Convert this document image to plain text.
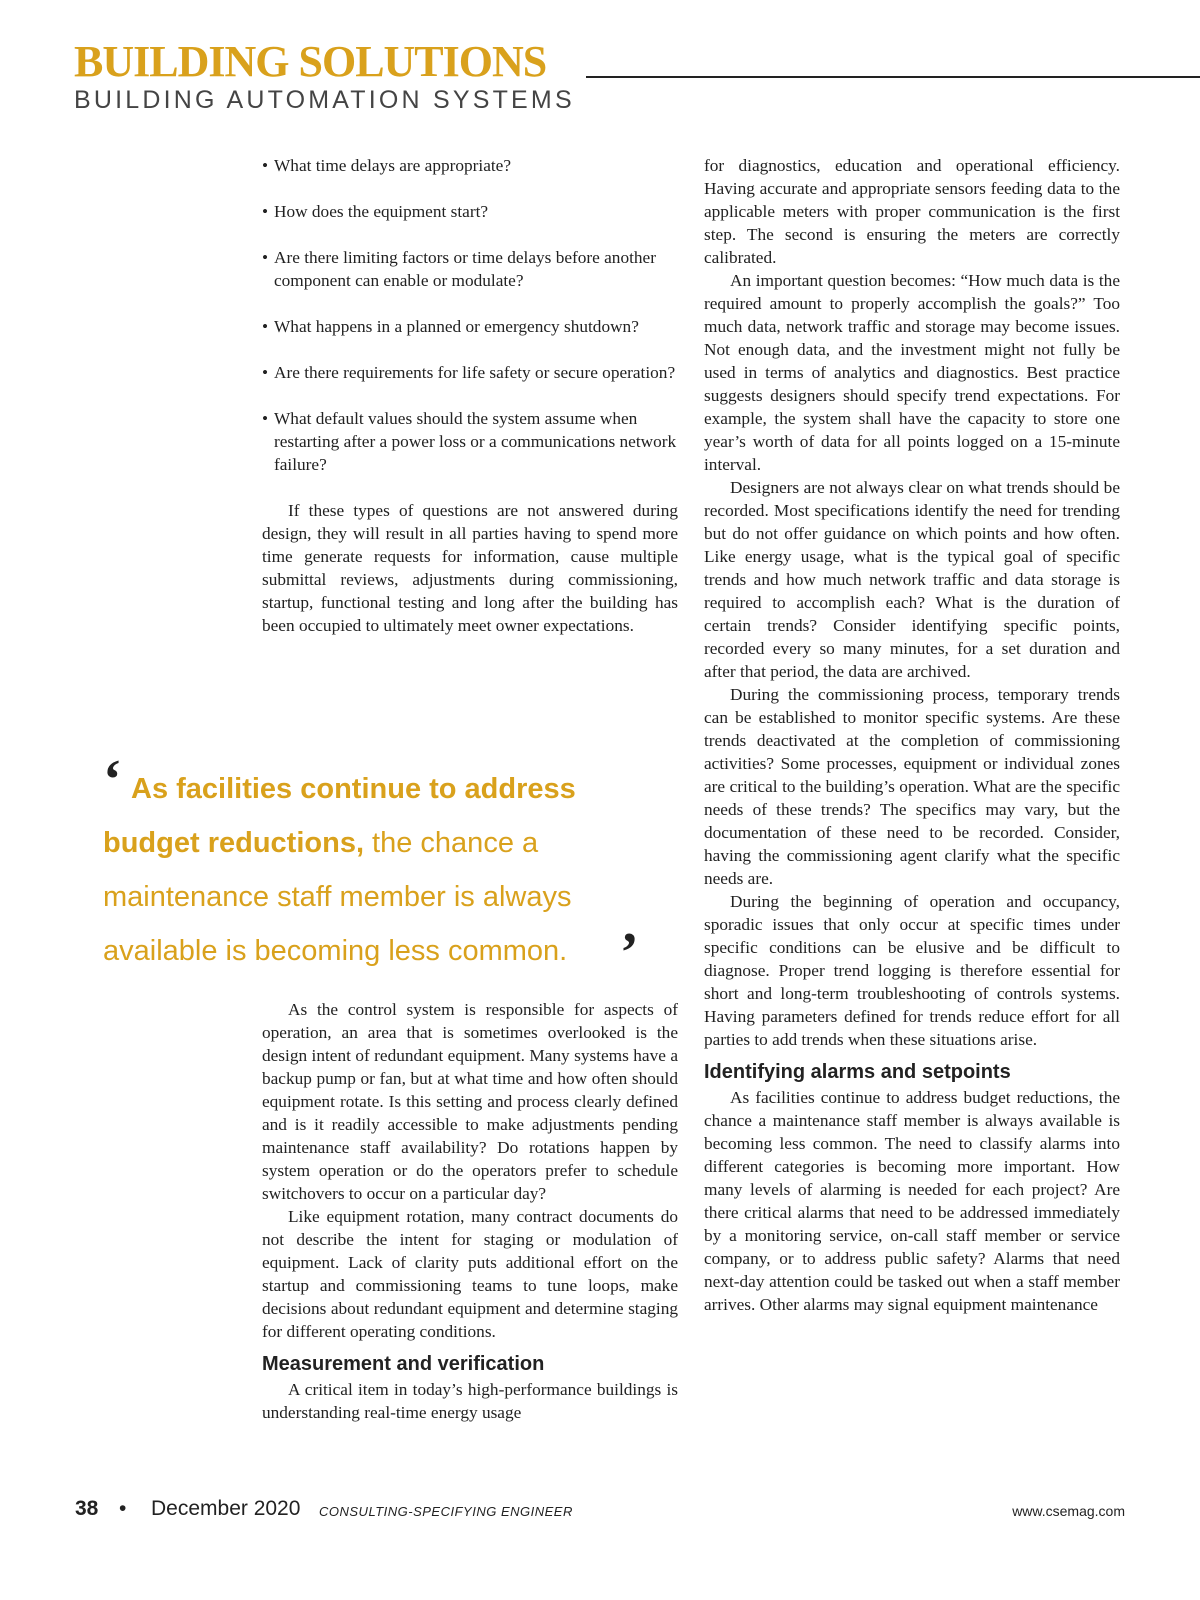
BUILDING SOLUTIONS
BUILDING AUTOMATION SYSTEMS
• What time delays are appropriate?
• How does the equipment start?
• Are there limiting factors or time delays before another component can enable or modulate?
• What happens in a planned or emergency shutdown?
• Are there requirements for life safety or secure operation?
• What default values should the system assume when restarting after a power loss or a communications network failure?

If these types of questions are not answered during design, they will result in all parties having to spend more time generate requests for information, cause multiple submittal reviews, adjustments during commissioning, startup, functional testing and long after the building has been occupied to ultimately meet owner expectations.

‘ As facilities continue to address budget reductions, the chance a maintenance staff member is always available is becoming less common. ’

As the control system is responsible for aspects of operation, an area that is sometimes overlooked is the design intent of redundant equipment. Many systems have a backup pump or fan, but at what time and how often should equipment rotate. Is this setting and process clearly defined and is it readily accessible to make adjustments pending maintenance staff availability? Do rotations happen by system operation or do the operators prefer to schedule switchovers to occur on a particular day?

Like equipment rotation, many contract documents do not describe the intent for staging or modulation of equipment. Lack of clarity puts additional effort on the startup and commissioning teams to tune loops, make decisions about redundant equipment and determine staging for different operating conditions.

Measurement and verification

A critical item in today’s high-performance buildings is understanding real-time energy usage

for diagnostics, education and operational efficiency. Having accurate and appropriate sensors feeding data to the applicable meters with proper communication is the first step. The second is ensuring the meters are correctly calibrated.

An important question becomes: “How much data is the required amount to properly accomplish the goals?” Too much data, network traffic and storage may become issues. Not enough data, and the investment might not fully be used in terms of analytics and diagnostics. Best practice suggests designers should specify trend expectations. For example, the system shall have the capacity to store one year’s worth of data for all points logged on a 15-minute interval.

Designers are not always clear on what trends should be recorded. Most specifications identify the need for trending but do not offer guidance on which points and how often. Like energy usage, what is the typical goal of specific trends and how much network traffic and data storage is required to accomplish each? What is the duration of certain trends? Consider identifying specific points, recorded every so many minutes, for a set duration and after that period, the data are archived.

During the commissioning process, temporary trends can be established to monitor specific systems. Are these trends deactivated at the completion of commissioning activities? Some processes, equipment or individual zones are critical to the building’s operation. What are the specific needs of these trends? The specifics may vary, but the documentation of these need to be recorded. Consider, having the commissioning agent clarify what the specific needs are.

During the beginning of operation and occupancy, sporadic issues that only occur at specific times under specific conditions can be elusive and be difficult to diagnose. Proper trend logging is therefore essential for short and long-term troubleshooting of controls systems. Having parameters defined for trends reduce effort for all parties to add trends when these situations arise.

Identifying alarms and setpoints

As facilities continue to address budget reductions, the chance a maintenance staff member is always available is becoming less common. The need to classify alarms into different categories is becoming more important. How many levels of alarming is needed for each project? Are there critical alarms that need to be addressed immediately by a monitoring service, on-call staff member or service company, or to address public safety? Alarms that need next-day attention could be tasked out when a staff member arrives. Other alarms may signal equipment maintenance

38 • December 2020 CONSULTING-SPECIFYING ENGINEER	www.csemag.com
